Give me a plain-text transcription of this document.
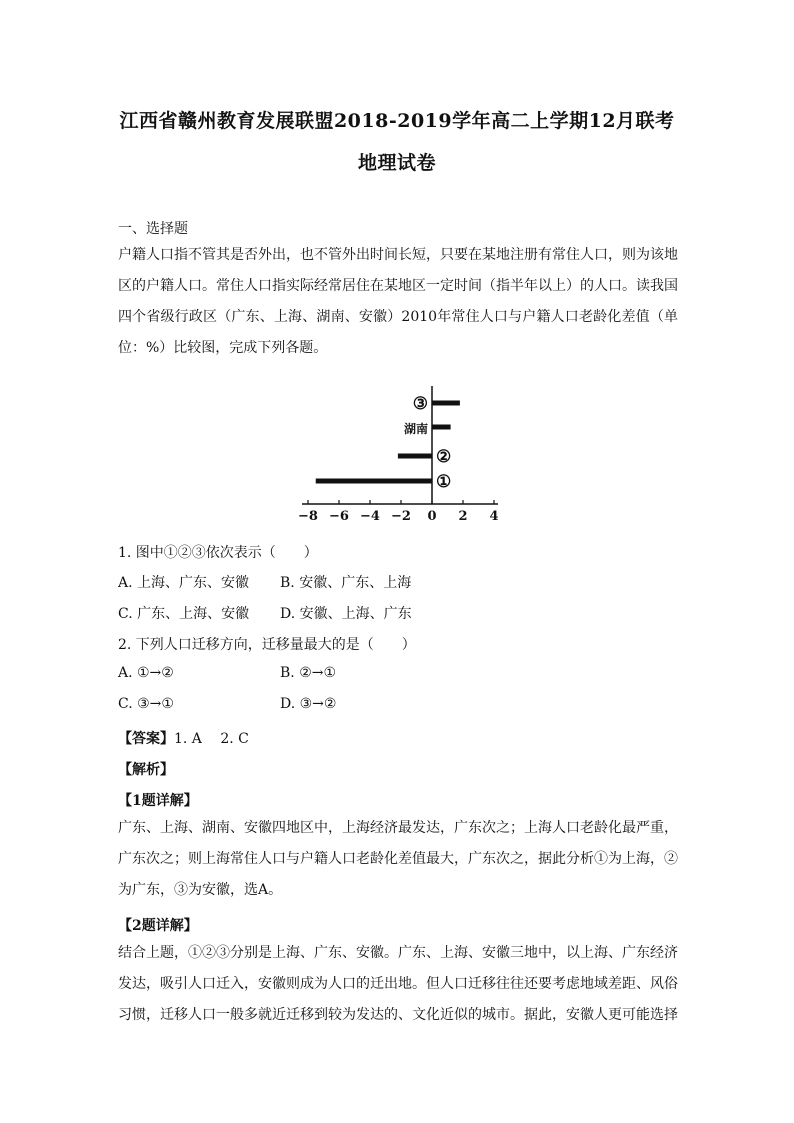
江西省赣州教育发展联盟2018-2019学年高二上学期12月联考
地理试卷
一、选择题
户籍人口指不管其是否外出，也不管外出时间长短，只要在某地注册有常住人口，则为该地区的户籍人口。常住人口指实际经常居住在某地区一定时间（指半年以上）的人口。读我国四个省级行政区（广东、上海、湖南、安徽）2010年常住人口与户籍人口老龄化差值（单位：%）比较图，完成下列各题。
③
湖南
②
①
−8 −6 −4 −2 0 2 4
1. 图中①②③依次表示（　　）
A. 上海、广东、安徽 B. 安徽、广东、上海
C. 广东、上海、安徽 D. 安徽、上海、广东
2. 下列人口迁移方向，迁移量最大的是（　　）
A. ①→②	B. ②→①
C. ③→①	D. ③→②
【答案】1. A　 2. C
【解析】
【1题详解】
广东、上海、湖南、安徽四地区中，上海经济最发达，广东次之；上海人口老龄化最严重，广东次之；则上海常住人口与户籍人口老龄化差值最大，广东次之，据此分析①为上海，②为广东，③为安徽，选A。
【2题详解】
结合上题，①②③分别是上海、广东、安徽。广东、上海、安徽三地中，以上海、广东经济发达，吸引人口迁入，安徽则成为人口的迁出地。但人口迁移往往还要考虑地域差距、风俗习惯，迁移人口一般多就近迁移到较为发达的、文化近似的城市。据此，安徽人更可能选择
